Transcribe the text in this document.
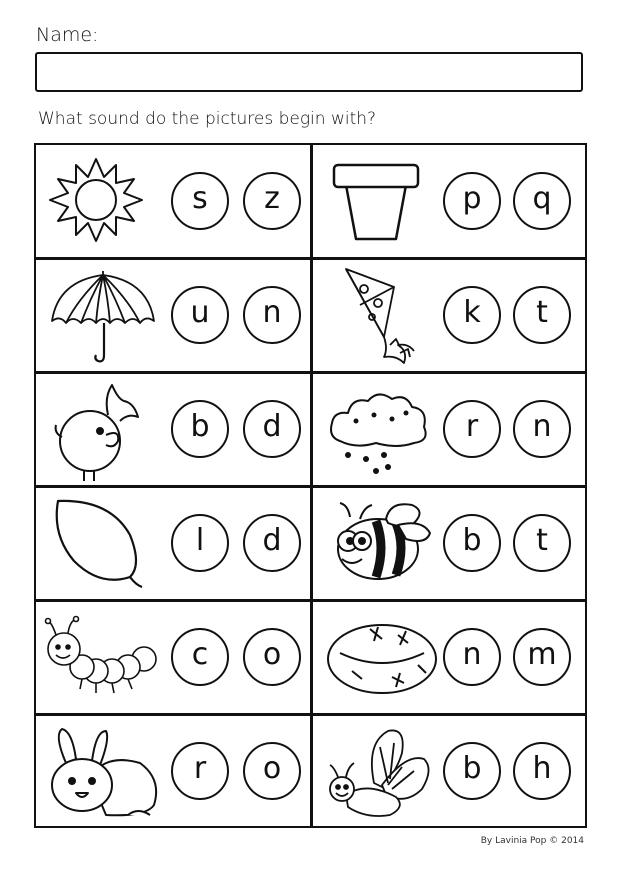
Name:
What sound do the pictures begin with?
s	z	p	q
u	n	k	t
b	d	r	n
l	d	b	t
c	o	n	m
r	o	b	h
By Lavinia Pop © 2014
